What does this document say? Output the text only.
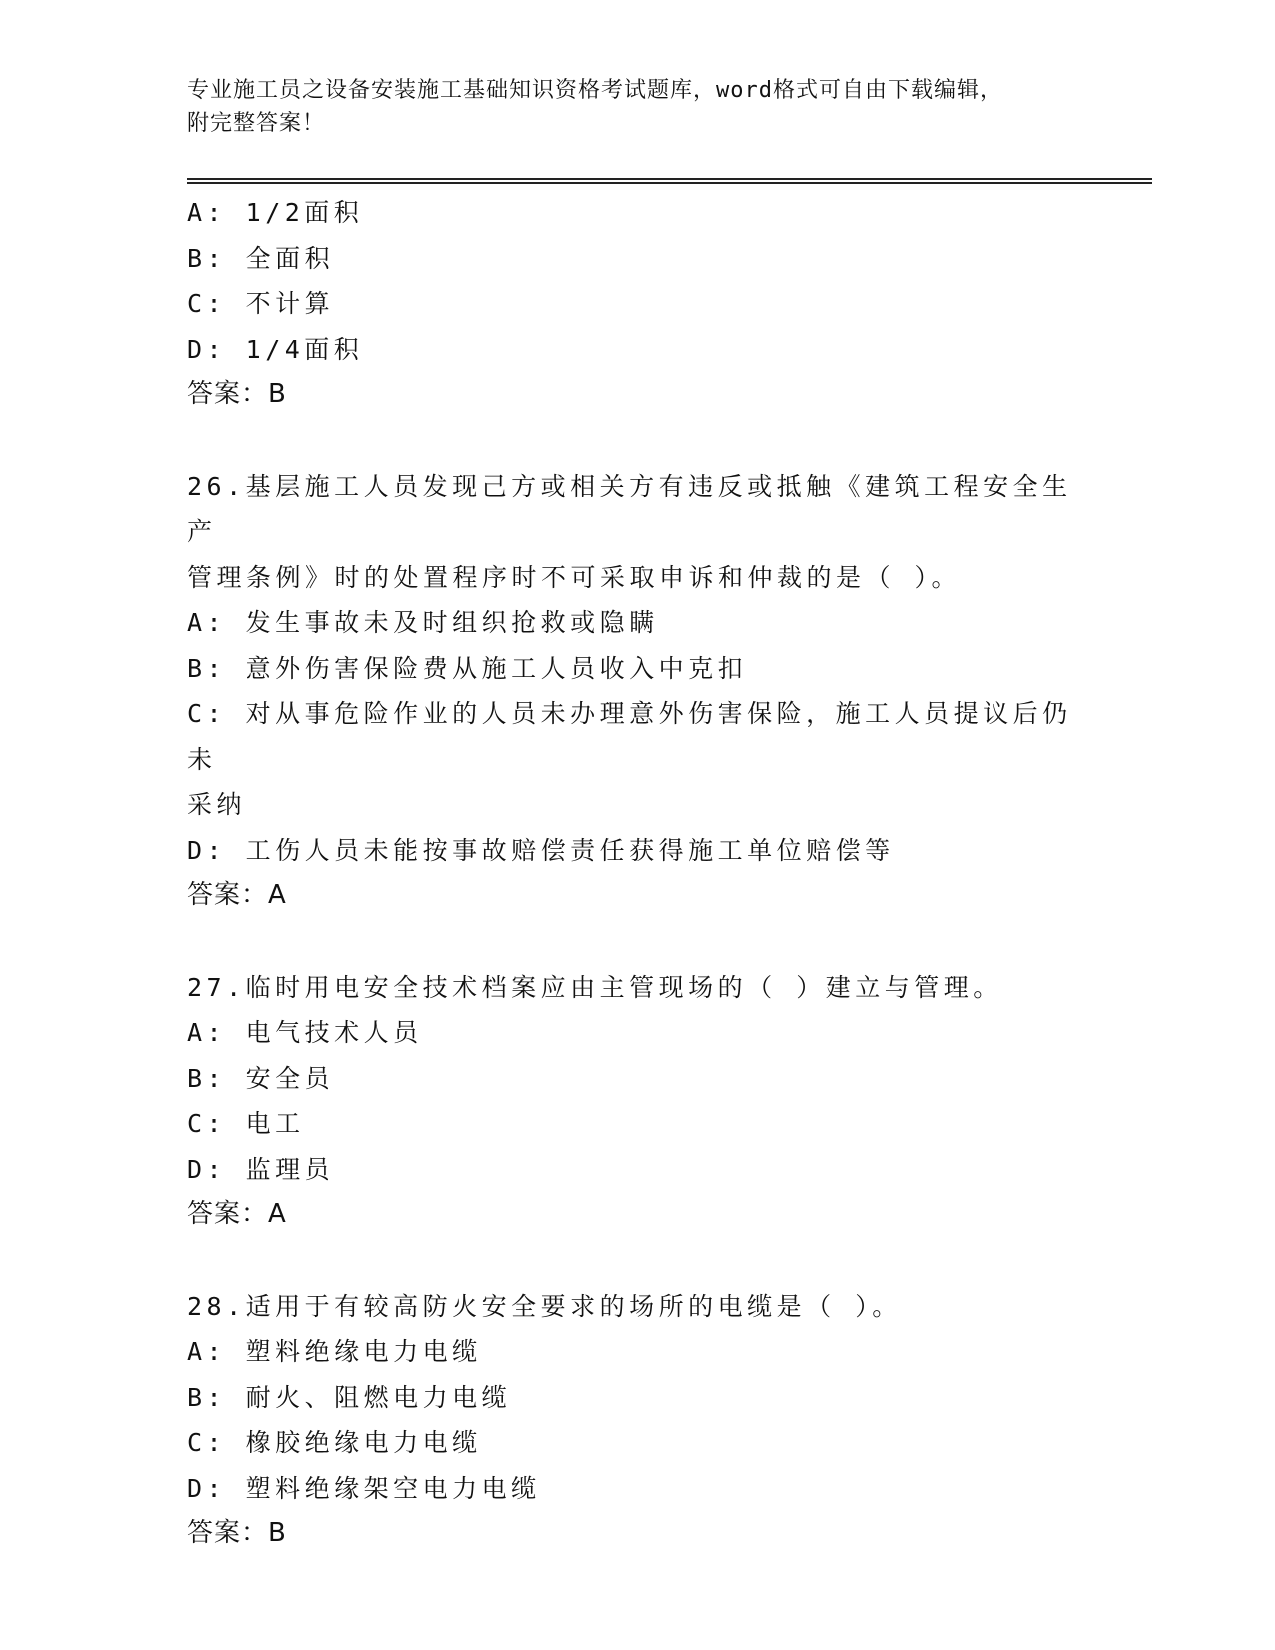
专业施工员之设备安装施工基础知识资格考试题库，word格式可自由下载编辑，
附完整答案！
A: 1/2面积
B: 全面积
C: 不计算
D: 1/4面积
答案：B
26.基层施工人员发现己方或相关方有违反或抵触《建筑工程安全生产
管理条例》时的处置程序时不可采取申诉和仲裁的是（ ）。
A: 发生事故未及时组织抢救或隐瞒
B: 意外伤害保险费从施工人员收入中克扣
C: 对从事危险作业的人员未办理意外伤害保险，施工人员提议后仍未
采纳
D: 工伤人员未能按事故赔偿责任获得施工单位赔偿等
答案：A
27.临时用电安全技术档案应由主管现场的（ ）建立与管理。
A: 电气技术人员
B: 安全员
C: 电工
D: 监理员
答案：A
28.适用于有较高防火安全要求的场所的电缆是（ ）。
A: 塑料绝缘电力电缆
B: 耐火、阻燃电力电缆
C: 橡胶绝缘电力电缆
D: 塑料绝缘架空电力电缆
答案：B
